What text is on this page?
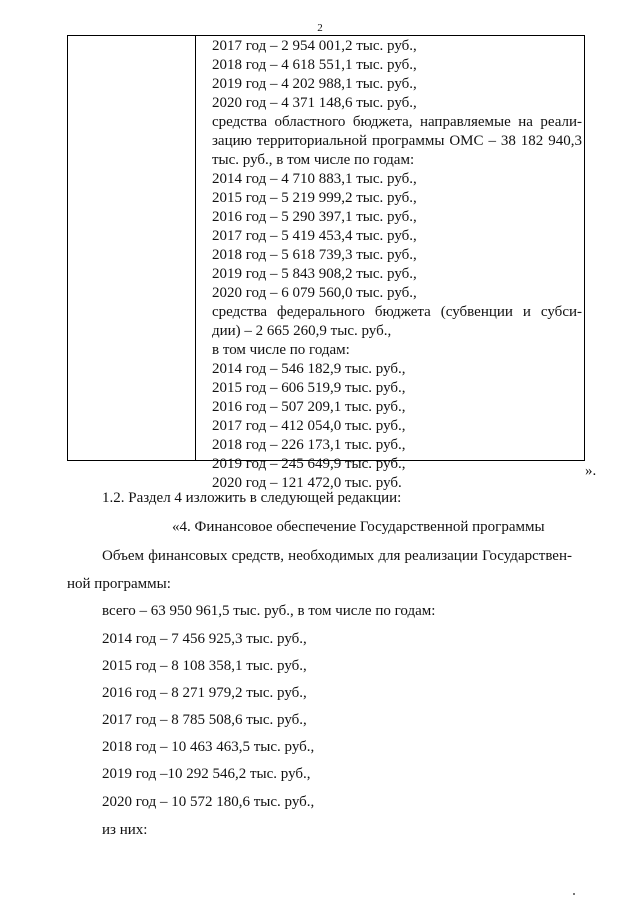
2
2017 год – 2 954 001,2 тыс. руб.,
2018 год – 4 618 551,1 тыс. руб.,
2019 год – 4 202 988,1 тыс. руб.,
2020 год – 4 371 148,6 тыс. руб.,
средства областного бюджета, направляемые на реали-
зацию территориальной программы ОМС – 38 182 940,3
тыс. руб., в том числе по годам:
2014 год – 4 710 883,1 тыс. руб.,
2015 год – 5 219 999,2 тыс. руб.,
2016 год – 5 290 397,1 тыс. руб.,
2017 год – 5 419 453,4 тыс. руб.,
2018 год – 5 618 739,3 тыс. руб.,
2019 год – 5 843 908,2 тыс. руб.,
2020 год – 6 079 560,0 тыс. руб.,
средства федерального бюджета (субвенции и субси-
дии) – 2 665 260,9 тыс. руб.,
в том числе по годам:
2014 год – 546 182,9 тыс. руб.,
2015 год – 606 519,9 тыс. руб.,
2016 год – 507 209,1 тыс. руб.,
2017 год – 412 054,0 тыс. руб.,
2018 год – 226 173,1 тыс. руб.,
2019 год – 245 649,9 тыс. руб.,
2020 год – 121 472,0 тыс. руб.
».
1.2. Раздел 4 изложить в следующей редакции:
«4. Финансовое обеспечение Государственной программы
Объем финансовых средств, необходимых для реализации Государствен-
ной программы:
всего – 63 950 961,5 тыс. руб., в том числе по годам:
2014 год – 7 456 925,3 тыс. руб.,
2015 год – 8 108 358,1 тыс. руб.,
2016 год – 8 271 979,2 тыс. руб.,
2017 год – 8 785 508,6 тыс. руб.,
2018 год – 10 463 463,5 тыс. руб.,
2019 год –10 292 546,2 тыс. руб.,
2020 год – 10 572 180,6 тыс. руб.,
из них:
